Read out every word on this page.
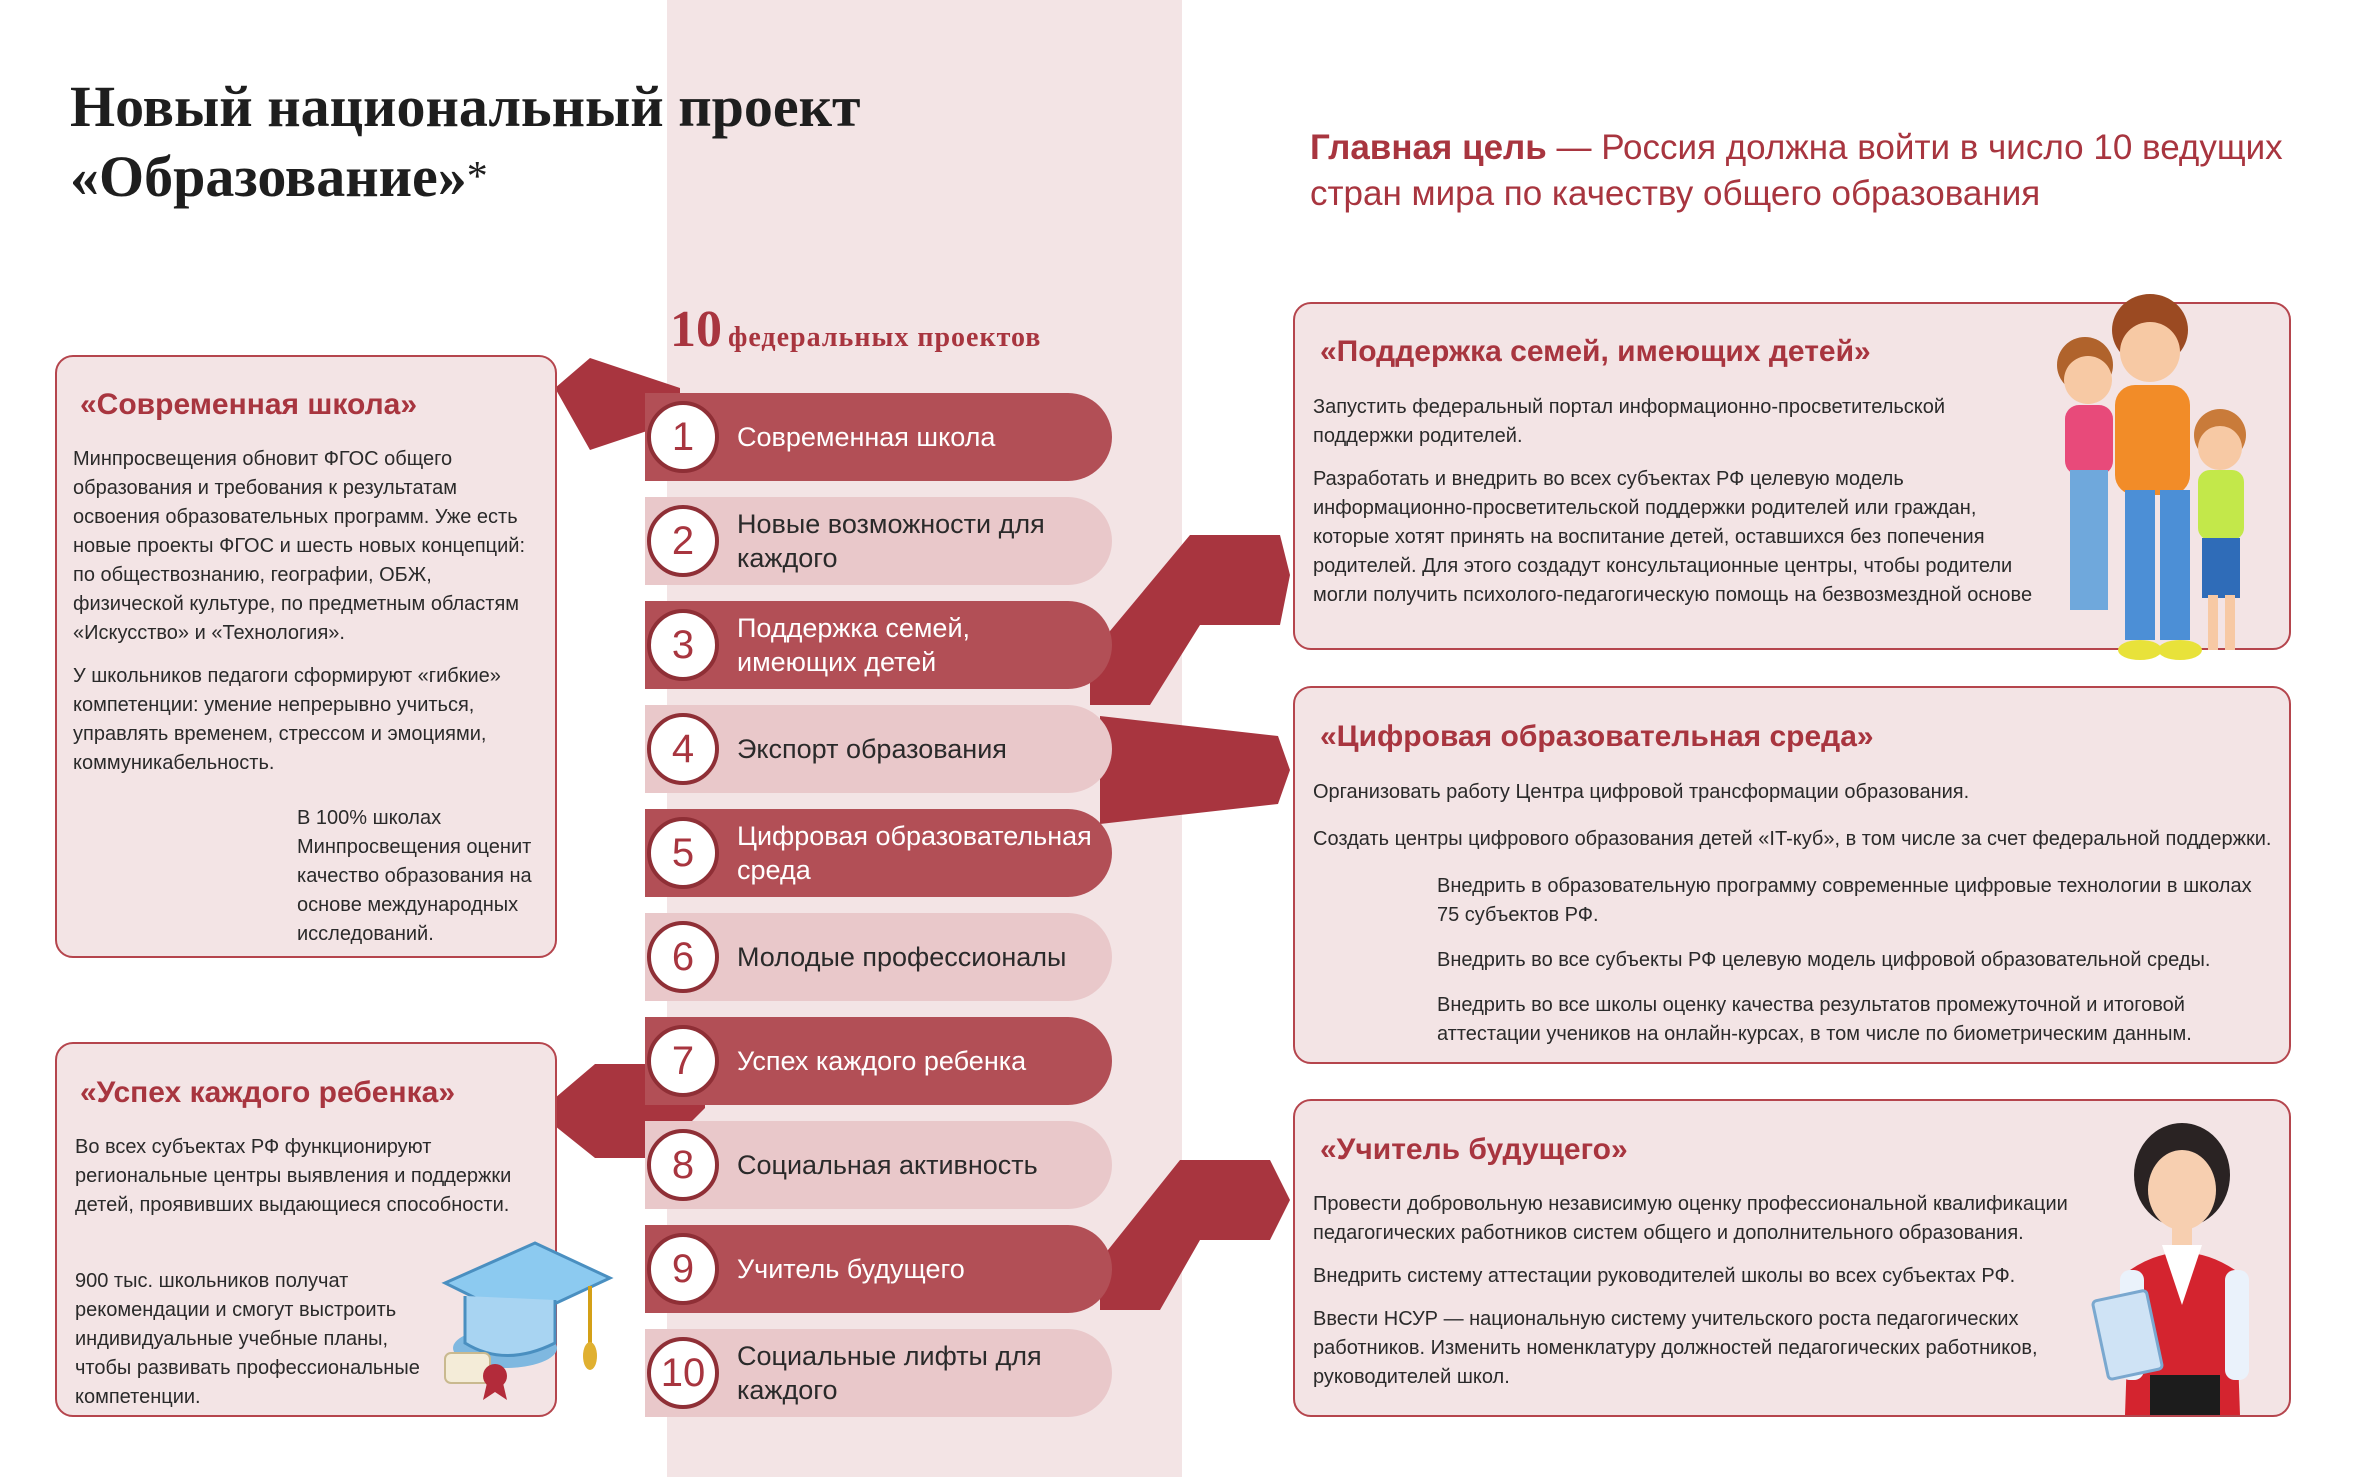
Новый национальный проект
«Образование»*
Главная цель — Россия должна войти в число 10 ведущих стран мира по качеству общего образования
10 федеральных проектов
1	Современная школа
2	Новые возможности для каждого
3	Поддержка семей, имеющих детей
4	Экспорт образования
5	Цифровая образовательная среда
6	Молодые профессионалы
7	Успех каждого ребенка
8	Социальная активность
9	Учитель будущего
10	Социальные лифты для каждого
«Современная школа»

Минпросвещения обновит ФГОС общего образования и требования к результатам освоения образовательных программ. Уже есть новые проекты ФГОС и шесть новых концепций: по обществознанию, географии, ОБЖ, физической культуре, по предметным областям «Искусство» и «Технология».

У школьников педагоги сформируют «гибкие» компетенции: умение непрерывно учиться, управлять временем, стрессом и эмоциями, коммуникабельность.

В 100% школах Минпросвещения оценит качество образования на основе международных исследований.

«Успех каждого ребенка»

Во всех субъектах РФ функционируют региональные центры выявления и поддержки детей, проявивших выдающиеся способности.

900 тыс. школьников получат рекомендации и смогут выстроить индивидуальные учебные планы, чтобы развивать профессиональные компетенции.

«Поддержка семей, имеющих детей»

Запустить федеральный портал информационно-просветительской поддержки родителей.

Разработать и внедрить во всех субъектах РФ целевую модель информационно-просветительской поддержки родителей или граждан, которые хотят принять на воспитание детей, оставшихся без попечения родителей. Для этого создадут консультационные центры, чтобы родители могли получить психолого-педагогическую помощь на безвозмездной основе

«Цифровая образовательная среда»

Организовать работу Центра цифровой трансформации образования.

Создать центры цифрового образования детей «IT-куб», в том числе за счет федеральной поддержки.

Внедрить в образовательную программу современные цифровые технологии в школах 75 субъектов РФ.

Внедрить во все субъекты РФ целевую модель цифровой образовательной среды.

Внедрить во все школы оценку качества результатов промежуточной и итоговой аттестации учеников на онлайн-курсах, в том числе по биометрическим данным.

«Учитель будущего»

Провести добровольную независимую оценку профессиональной квалификации педагогических работников систем общего и дополнительного образования.

Внедрить систему аттестации руководителей школы во всех субъектах РФ.

Ввести НСУР — национальную систему учительского роста педагогических работников. Изменить номенклатуру должностей педагогических работников, руководителей школ.
